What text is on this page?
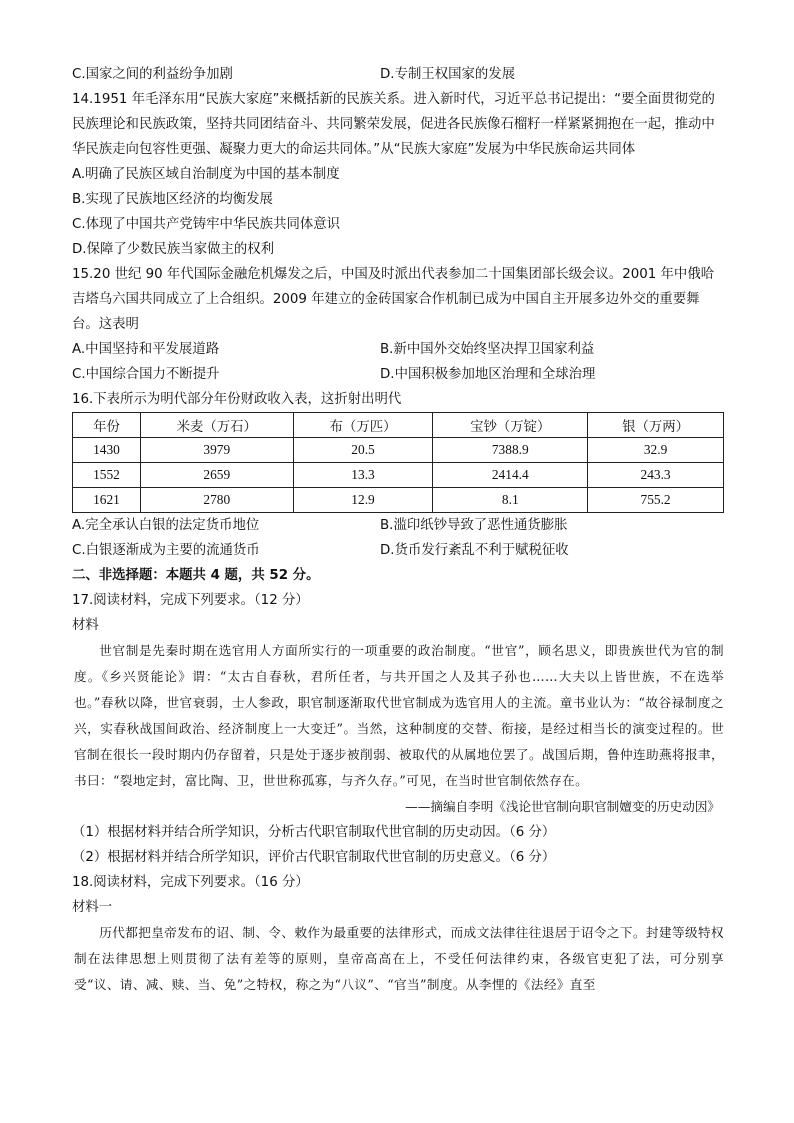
C.国家之间的利益纷争加剧	D.专制王权国家的发展
14.1951 年毛泽东用“民族大家庭”来概括新的民族关系。进入新时代，习近平总书记提出：“要全面贯彻党的民族理论和民族政策，坚持共同团结奋斗、共同繁荣发展，促进各民族像石榴籽一样紧紧拥抱在一起，推动中华民族走向包容性更强、凝聚力更大的命运共同体。”从“民族大家庭”发展为中华民族命运共同体
A.明确了民族区域自治制度为中国的基本制度
B.实现了民族地区经济的均衡发展
C.体现了中国共产党铸牢中华民族共同体意识
D.保障了少数民族当家做主的权利
15.20 世纪 90 年代国际金融危机爆发之后，中国及时派出代表参加二十国集团部长级会议。2001 年中俄哈吉塔乌六国共同成立了上合组织。2009 年建立的金砖国家合作机制已成为中国自主开展多边外交的重要舞台。这表明
A.中国坚持和平发展道路	B.新中国外交始终坚决捍卫国家利益
C.中国综合国力不断提升	D.中国积极参加地区治理和全球治理
16.下表所示为明代部分年份财政收入表，这折射出明代
年份	米麦（万石）	布（万匹）	宝钞（万锭）	银（万两）
1430	3979	20.5	7388.9	32.9
1552	2659	13.3	2414.4	243.3
1621	2780	12.9	8.1	755.2
A.完全承认白银的法定货币地位	B.滥印纸钞导致了恶性通货膨胀
C.白银逐渐成为主要的流通货币	D.货币发行紊乱不利于赋税征收
二、非选择题：本题共 4 题，共 52 分。
17.阅读材料，完成下列要求。（12 分）
材料
世官制是先秦时期在选官用人方面所实行的一项重要的政治制度。“世官”，顾名思义，即贵族世代为官的制度。《乡兴贤能论》谓：“太古自春秋，君所任者，与共开国之人及其子孙也……大夫以上皆世族，不在选举也。”春秋以降，世官衰弱，士人参政，职官制逐渐取代世官制成为选官用人的主流。童书业认为：“故谷禄制度之兴，实春秋战国间政治、经济制度上一大变迁”。当然，这种制度的交替、衔接，是经过相当长的演变过程的。世官制在很长一段时期内仍存留着，只是处于逐步被削弱、被取代的从属地位罢了。战国后期，鲁仲连助燕将报聿，书曰：“裂地定封，富比陶、卫，世世称孤寡，与齐久存。”可见，在当时世官制依然存在。
——摘编自李明《浅论世官制向职官制嬗变的历史动因》
（1）根据材料并结合所学知识，分析古代职官制取代世官制的历史动因。（6 分）
（2）根据材料并结合所学知识，评价古代职官制取代世官制的历史意义。（6 分）
18.阅读材料，完成下列要求。（16 分）
材料一
历代都把皇帝发布的诏、制、令、敕作为最重要的法律形式，而成文法律往往退居于诏令之下。封建等级特权制在法律思想上则贯彻了法有差等的原则，皇帝高高在上，不受任何法律约束，各级官吏犯了法，可分别享受“议、请、减、赎、当、免”之特权，称之为“八议”、“官当”制度。从李悝的《法经》直至
